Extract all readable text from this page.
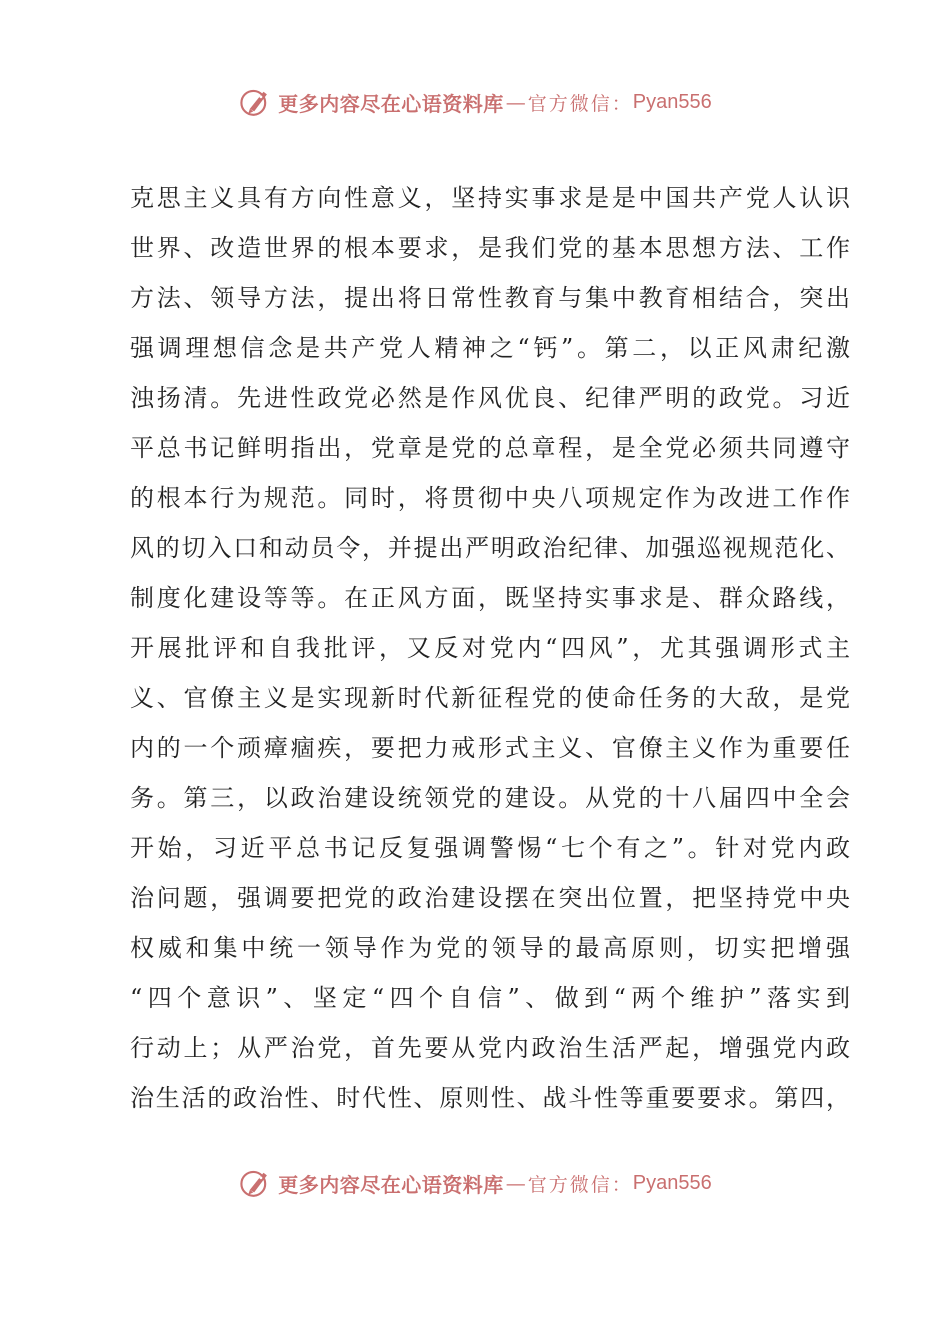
更多内容尽在心语资料库 — 官方微信： Pyan556
克思主义具有方向性意义，坚持实事求是是中国共产党人认识
世界、改造世界的根本要求，是我们党的基本思想方法、工作
方法、领导方法，提出将日常性教育与集中教育相结合，突出
强调理想信念是共产党人精神之“钙”。第二，以正风肃纪激
浊扬清。先进性政党必然是作风优良、纪律严明的政党。习近
平总书记鲜明指出，党章是党的总章程，是全党必须共同遵守
的根本行为规范。同时，将贯彻中央八项规定作为改进工作作
风的切入口和动员令，并提出严明政治纪律、加强巡视规范化、
制度化建设等等。在正风方面，既坚持实事求是、群众路线，
开展批评和自我批评，又反对党内“四风”，尤其强调形式主
义、官僚主义是实现新时代新征程党的使命任务的大敌，是党
内的一个顽瘴痼疾，要把力戒形式主义、官僚主义作为重要任
务。第三，以政治建设统领党的建设。从党的十八届四中全会
开始，习近平总书记反复强调警惕“七个有之”。针对党内政
治问题，强调要把党的政治建设摆在突出位置，把坚持党中央
权威和集中统一领导作为党的领导的最高原则，切实把增强
“四个意识”、坚定“四个自信”、做到“两个维护”落实到
行动上；从严治党，首先要从党内政治生活严起，增强党内政
治生活的政治性、时代性、原则性、战斗性等重要要求。第四，
更多内容尽在心语资料库 — 官方微信： Pyan556
